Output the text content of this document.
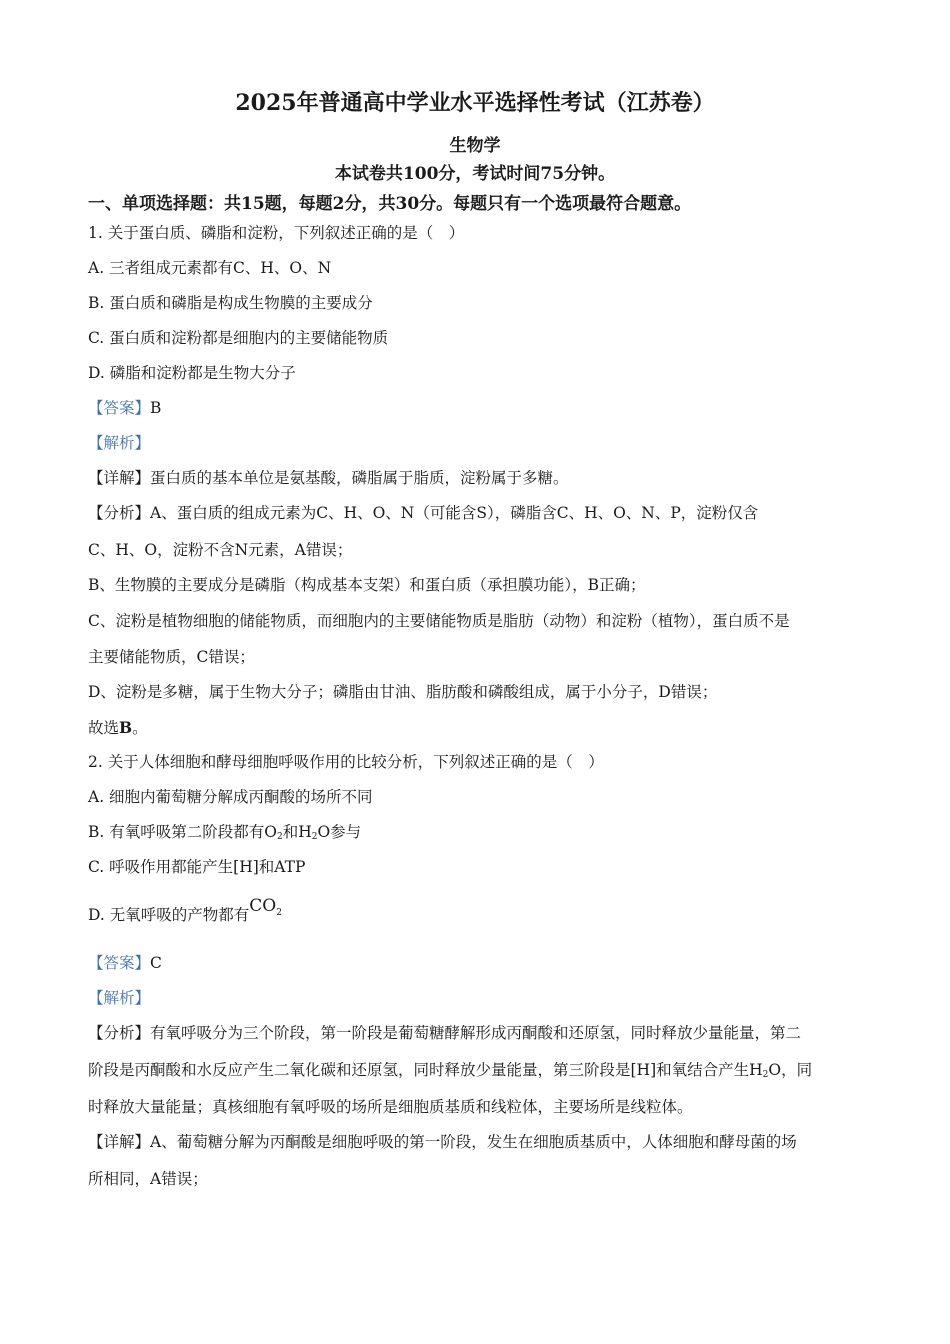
2025年普通高中学业水平选择性考试（江苏卷）
生物学
本试卷共100分，考试时间75分钟。
一、单项选择题：共15题，每题2分，共30分。每题只有一个选项最符合题意。
1. 关于蛋白质、磷脂和淀粉，下列叙述正确的是（　）
A. 三者组成元素都有C、H、O、N
B. 蛋白质和磷脂是构成生物膜的主要成分
C. 蛋白质和淀粉都是细胞内的主要储能物质
D. 磷脂和淀粉都是生物大分子
【答案】B
【解析】
【详解】蛋白质的基本单位是氨基酸，磷脂属于脂质，淀粉属于多糖。
【分析】A、蛋白质的组成元素为C、H、O、N（可能含S），磷脂含C、H、O、N、P，淀粉仅含
C、H、O，淀粉不含N元素，A错误；
B、生物膜的主要成分是磷脂（构成基本支架）和蛋白质（承担膜功能），B正确；
C、淀粉是植物细胞的储能物质，而细胞内的主要储能物质是脂肪（动物）和淀粉（植物），蛋白质不是
主要储能物质，C错误；
D、淀粉是多糖，属于生物大分子；磷脂由甘油、脂肪酸和磷酸组成，属于小分子，D错误；
故选B。
2. 关于人体细胞和酵母细胞呼吸作用的比较分析，下列叙述正确的是（　）
A. 细胞内葡萄糖分解成丙酮酸的场所不同
B. 有氧呼吸第二阶段都有$O_2$和$H_2O$参与
C. 呼吸作用都能产生[H]和ATP
D. 无氧呼吸的产物都有$CO_2$
【答案】C
【解析】
【分析】有氧呼吸分为三个阶段，第一阶段是葡萄糖酵解形成丙酮酸和还原氢，同时释放少量能量，第二
阶段是丙酮酸和水反应产生二氧化碳和还原氢，同时释放少量能量，第三阶段是[H]和氧结合产生$H_2O$，同
时释放大量能量；真核细胞有氧呼吸的场所是细胞质基质和线粒体，主要场所是线粒体。
【详解】A、葡萄糖分解为丙酮酸是细胞呼吸的第一阶段，发生在细胞质基质中，人体细胞和酵母菌的场
所相同，A错误；
